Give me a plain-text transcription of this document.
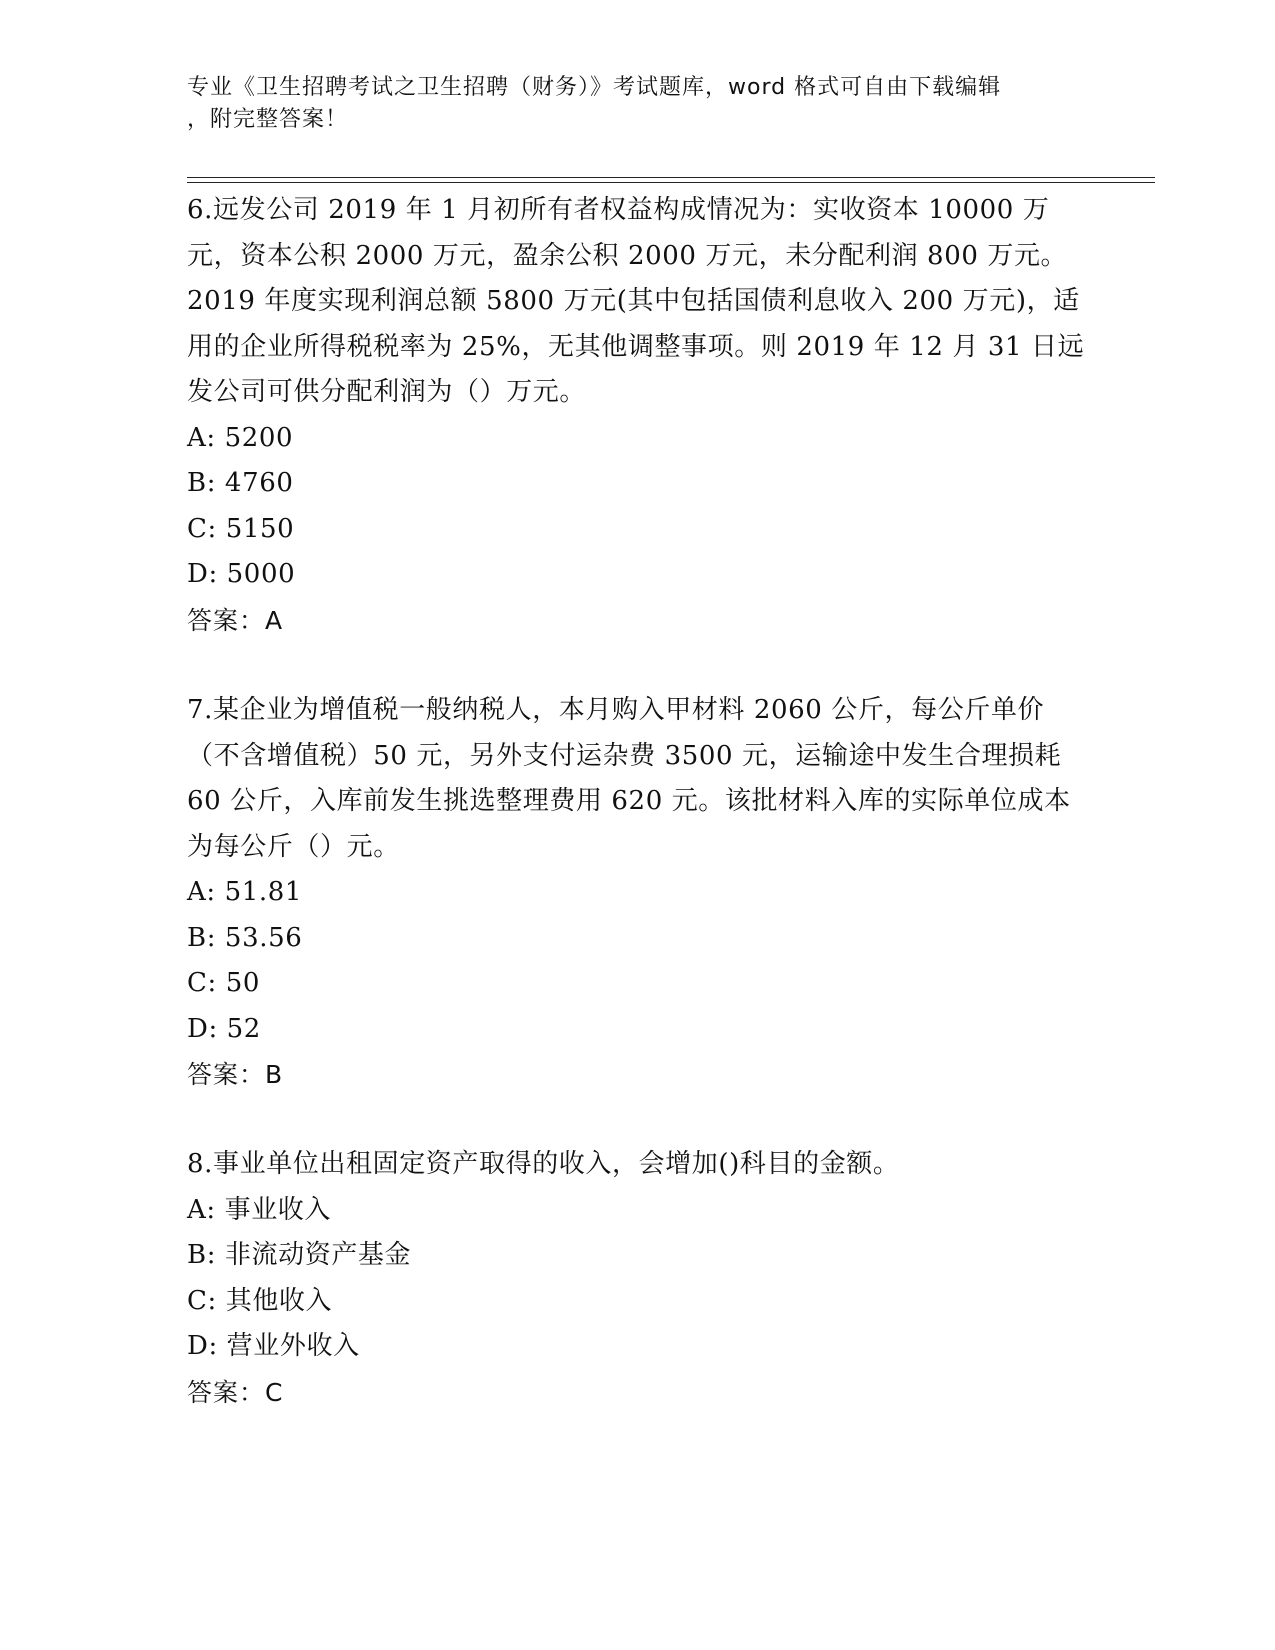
专业《卫生招聘考试之卫生招聘（财务）》考试题库，word 格式可自由下载编辑
，附完整答案！

6.远发公司 2019 年 1 月初所有者权益构成情况为：实收资本 10000 万元，资本公积 2000 万元，盈余公积 2000 万元，未分配利润 800 万元。2019 年度实现利润总额 5800 万元(其中包括国债利息收入 200 万元)，适用的企业所得税税率为 25%，无其他调整事项。则 2019 年 12 月 31 日远发公司可供分配利润为（）万元。

A: 5200

B: 4760

C: 5150

D: 5000

答案：A

7.某企业为增值税一般纳税人，本月购入甲材料 2060 公斤，每公斤单价（不含增值税）50 元，另外支付运杂费 3500 元，运输途中发生合理损耗 60 公斤，入库前发生挑选整理费用 620 元。该批材料入库的实际单位成本为每公斤（）元。

A: 51.81

B: 53.56

C: 50

D: 52

答案：B

8.事业单位出租固定资产取得的收入，会增加()科目的金额。

A: 事业收入

B: 非流动资产基金

C: 其他收入

D: 营业外收入

答案：C
